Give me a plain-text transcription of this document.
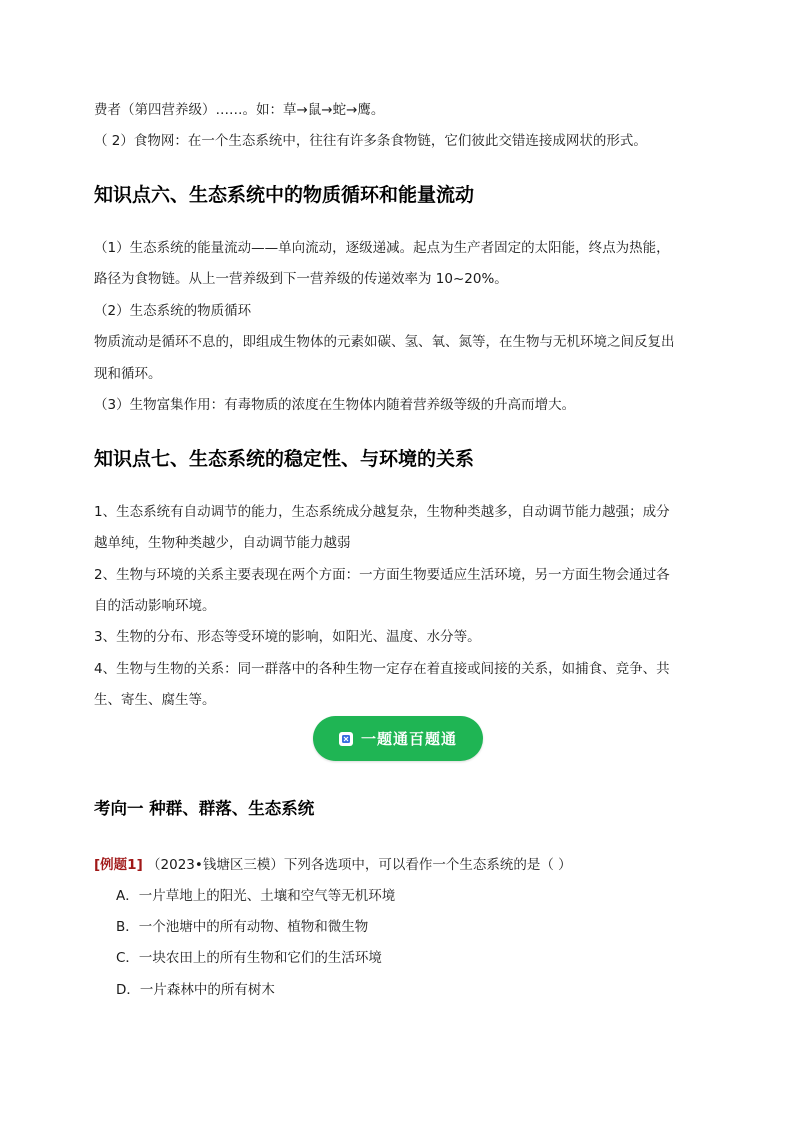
费者（第四营养级）……。如：草→鼠→蛇→鹰。
（ 2）食物网：在一个生态系统中，往往有许多条食物链，它们彼此交错连接成网状的形式。
知识点六、生态系统中的物质循环和能量流动
（1）生态系统的能量流动——单向流动，逐级递减。起点为生产者固定的太阳能，终点为热能，
路径为食物链。从上一营养级到下一营养级的传递效率为 10~20%。
（2）生态系统的物质循环
物质流动是循环不息的，即组成生物体的元素如碳、氢、氧、氮等，在生物与无机环境之间反复出
现和循环。
（3）生物富集作用：有毒物质的浓度在生物体内随着营养级等级的升高而增大。
知识点七、生态系统的稳定性、与环境的关系
1、生态系统有自动调节的能力，生态系统成分越复杂，生物种类越多，自动调节能力越强；成分
越单纯，生物种类越少，自动调节能力越弱
2、生物与环境的关系主要表现在两个方面：一方面生物要适应生活环境，另一方面生物会通过各
自的活动影响环境。
3、生物的分布、形态等受环境的影响，如阳光、温度、水分等。
4、生物与生物的关系：同一群落中的各种生物一定存在着直接或间接的关系，如捕食、竞争、共
生、寄生、腐生等。
一题通百题通
考向一 种群、群落、生态系统
[例题1] （2023•钱塘区三模）下列各选项中，可以看作一个生态系统的是（ ）
A．一片草地上的阳光、土壤和空气等无机环境
B．一个池塘中的所有动物、植物和微生物
C．一块农田上的所有生物和它们的生活环境
D．一片森林中的所有树木
